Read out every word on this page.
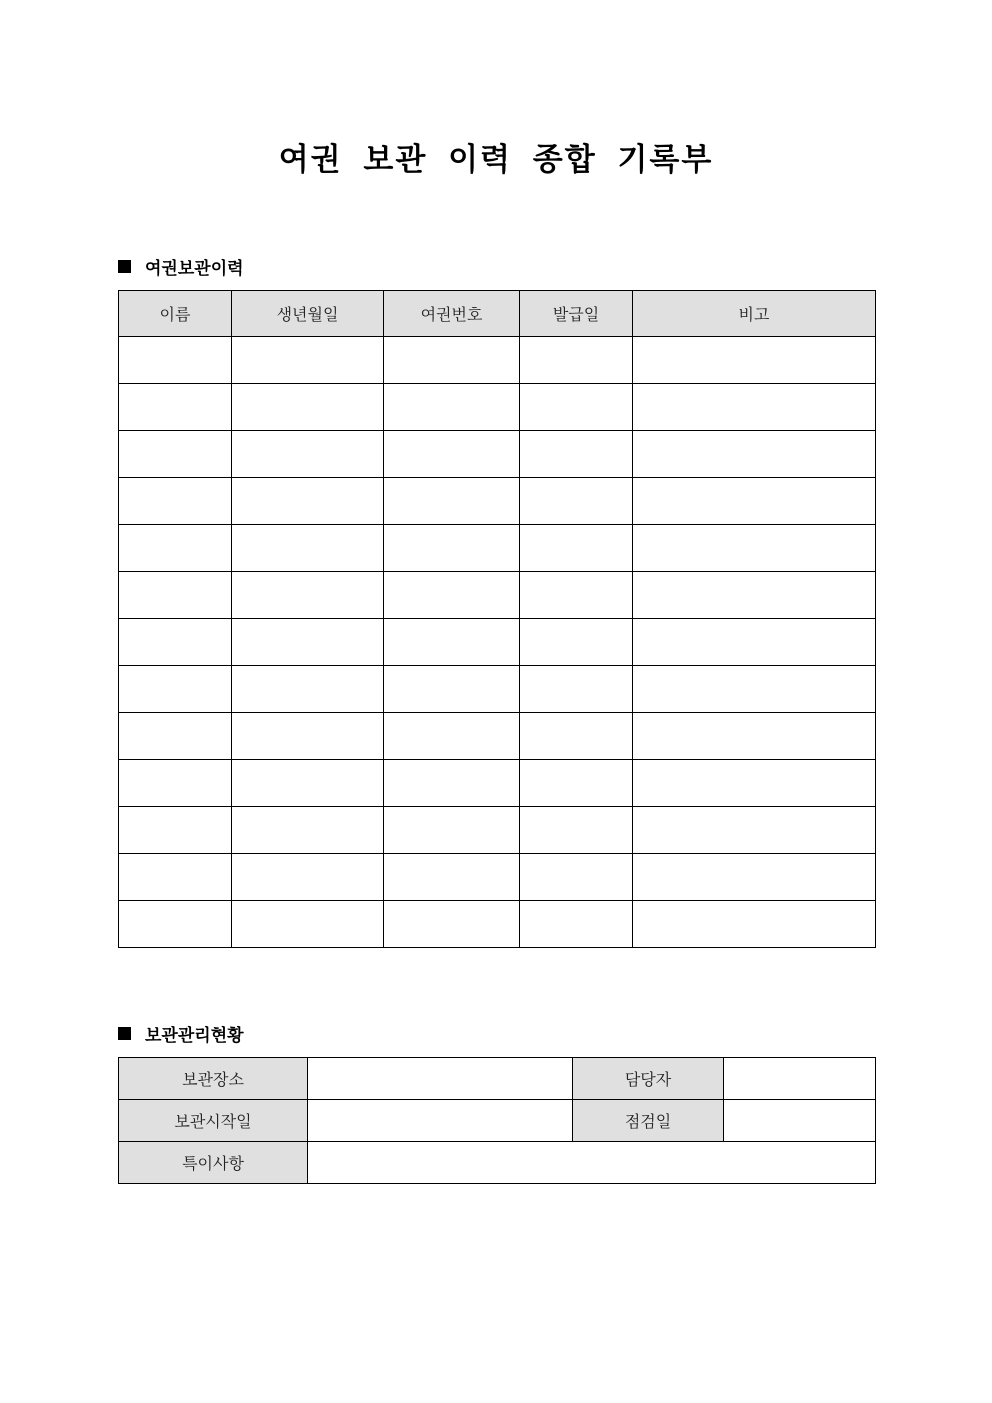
여권 보관 이력 종합 기록부
여권보관이력
이름	생년월일	여권번호	발급일	비고

보관관리현황
보관장소		담당자	
보관시작일		점검일	
특이사항			
